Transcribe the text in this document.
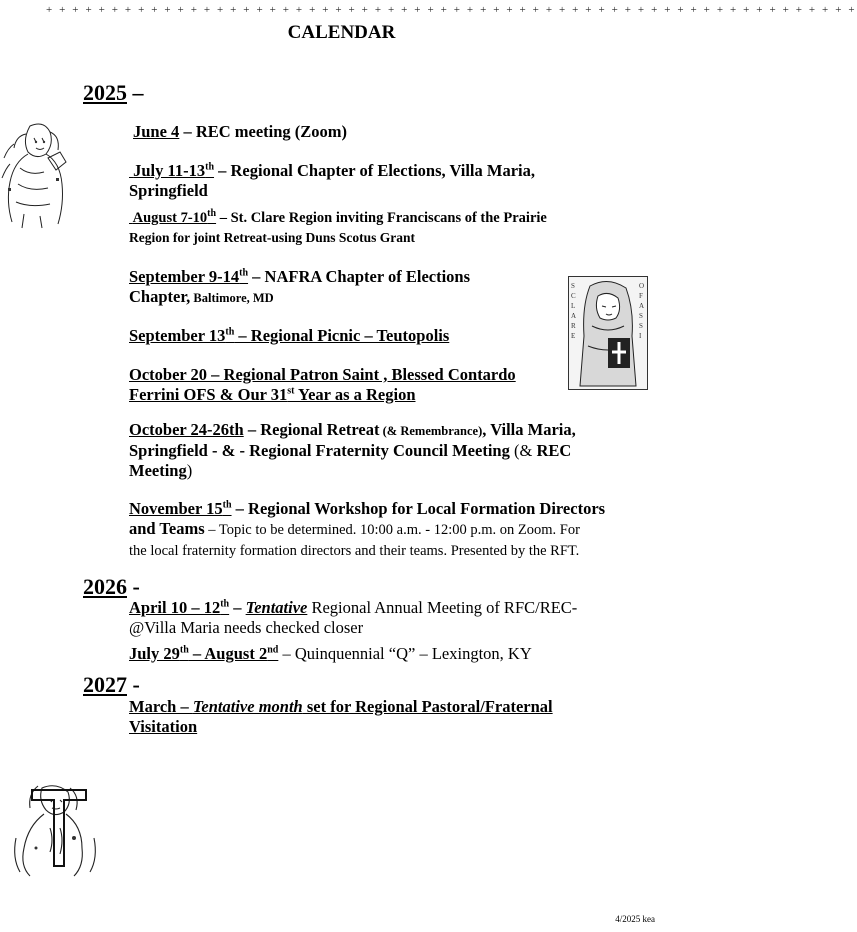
+ + + + + + + + + + + + + + + + + + + + + + + + + + + + + + + + + + + + + + + + + + + + + + + + + + + + + + + + + + + + + +
CALENDAR
2025 –
June 4 – REC meeting (Zoom)
July 11-13th – Regional Chapter of Elections, Villa Maria,
Springfield
August 7-10th – St. Clare Region inviting Franciscans of the Prairie
Region for joint Retreat-using Duns Scotus Grant
September 9-14th – NAFRA Chapter of Elections
Chapter, Baltimore, MD
September 13th – Regional Picnic – Teutopolis
October 20 – Regional Patron Saint , Blessed Contardo
Ferrini OFS & Our 31st Year as a Region
October 24-26th – Regional Retreat (& Remembrance), Villa Maria,
Springfield - & - Regional Fraternity Council Meeting (& REC
Meeting)
November 15th – Regional Workshop for Local Formation Directors
and Teams – Topic to be determined. 10:00 a.m. - 12:00 p.m. on Zoom. For
the local fraternity formation directors and their teams. Presented by the RFT.
2026 -
April 10 – 12th – Tentative Regional Annual Meeting of RFC/REC-
@Villa Maria needs checked closer
July 29th – August 2nd – Quinquennial “Q” – Lexington, KY
2027 -
March – Tentative month set for Regional Pastoral/Fraternal
Visitation
4/2025 kea
S
C
L
A
R
E
O
F
A
S
S
I
